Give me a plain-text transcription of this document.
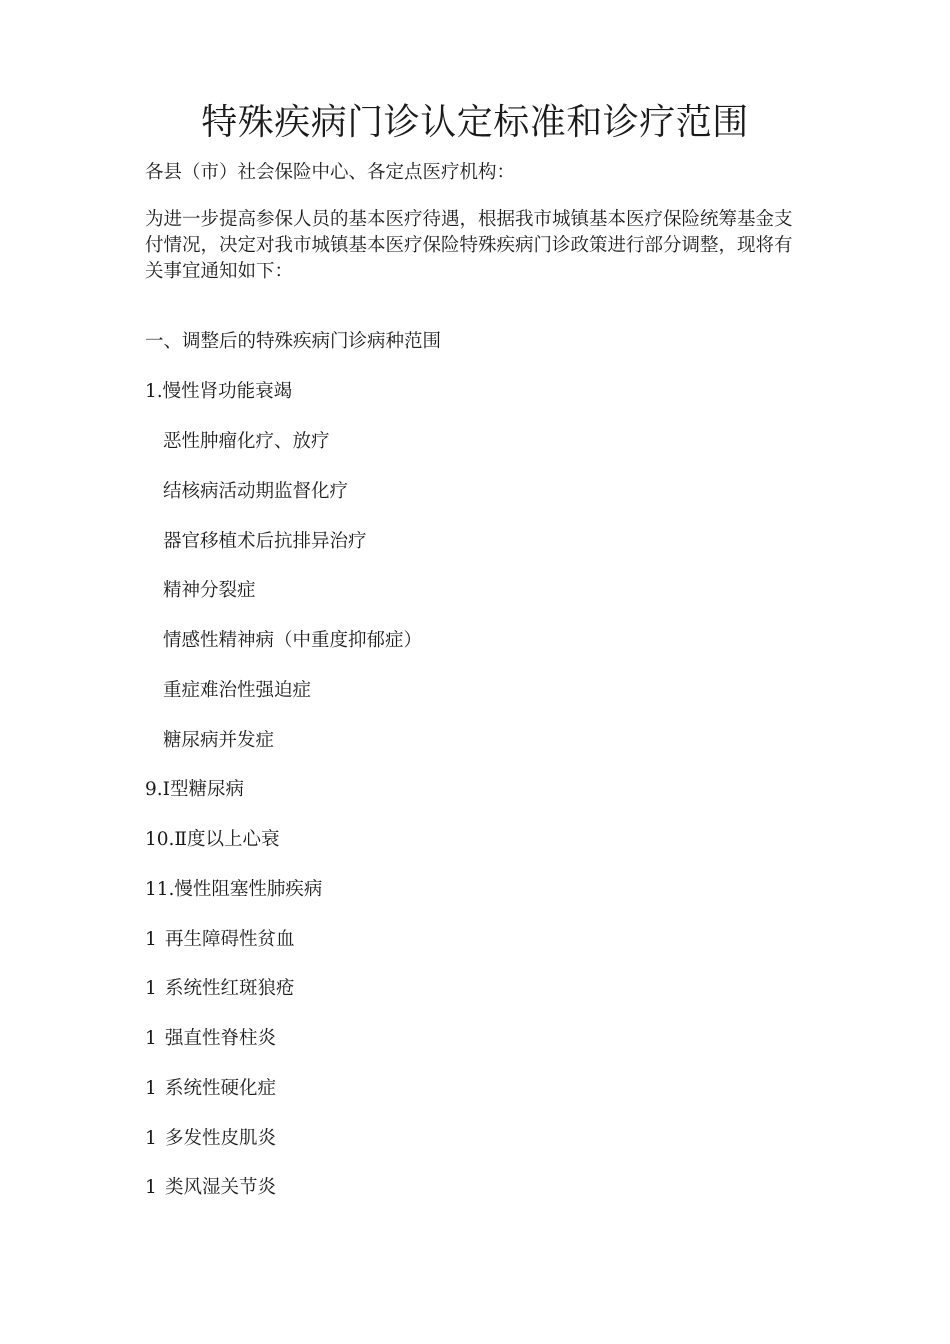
特殊疾病门诊认定标准和诊疗范围
各县（市）社会保险中心、各定点医疗机构：
为进一步提高参保人员的基本医疗待遇，根据我市城镇基本医疗保险统筹基金支
付情况，决定对我市城镇基本医疗保险特殊疾病门诊政策进行部分调整，现将有
关事宜通知如下：
一、调整后的特殊疾病门诊病种范围
1.慢性肾功能衰竭
恶性肿瘤化疗、放疗
结核病活动期监督化疗
器官移植术后抗排异治疗
精神分裂症
情感性精神病（中重度抑郁症）
重症难治性强迫症
糖尿病并发症
9.Ⅰ型糖尿病
10.Ⅱ度以上心衰
11.慢性阻塞性肺疾病
1 再生障碍性贫血
1 系统性红斑狼疮
1 强直性脊柱炎
1 系统性硬化症
1 多发性皮肌炎
1 类风湿关节炎
